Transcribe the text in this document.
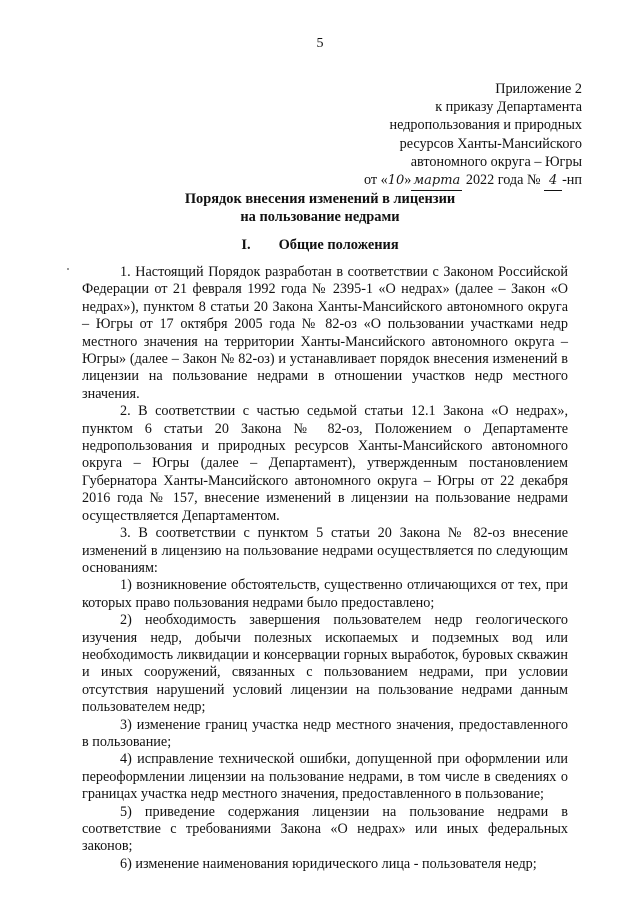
5
Приложение 2
к приказу Департамента
недропользования и природных
ресурсов Ханты-Мансийского
автономного округа – Югры
от «10» марта 2022 года № 4 -нп
Порядок внесения изменений в лицензии
на пользование недрами
I. Общие положения

1. Настоящий Порядок разработан в соответствии с Законом Российской Федерации от 21 февраля 1992 года № 2395-1 «О недрах» (далее – Закон «О недрах»), пунктом 8 статьи 20 Закона Ханты-Мансийского автономного округа – Югры от 17 октября 2005 года № 82-оз «О пользовании участками недр местного значения на территории Ханты-Мансийского автономного округа – Югры» (далее – Закон № 82-оз) и устанавливает порядок внесения изменений в лицензии на пользование недрами в отношении участков недр местного значения.

2. В соответствии с частью седьмой статьи 12.1 Закона «О недрах», пунктом 6 статьи 20 Закона № 82-оз, Положением о Департаменте недропользования и природных ресурсов Ханты-Мансийского автономного округа – Югры (далее – Департамент), утвержденным постановлением Губернатора Ханты-Мансийского автономного округа – Югры от 22 декабря 2016 года № 157, внесение изменений в лицензии на пользование недрами осуществляется Департаментом.

3. В соответствии с пунктом 5 статьи 20 Закона № 82-оз внесение изменений в лицензию на пользование недрами осуществляется по следующим основаниям:

1) возникновение обстоятельств, существенно отличающихся от тех, при которых право пользования недрами было предоставлено;

2) необходимость завершения пользователем недр геологического изучения недр, добычи полезных ископаемых и подземных вод или необходимость ликвидации и консервации горных выработок, буровых скважин и иных сооружений, связанных с пользованием недрами, при условии отсутствия нарушений условий лицензии на пользование недрами данным пользователем недр;

3) изменение границ участка недр местного значения, предоставленного в пользование;

4) исправление технической ошибки, допущенной при оформлении или переоформлении лицензии на пользование недрами, в том числе в сведениях о границах участка недр местного значения, предоставленного в пользование;

5) приведение содержания лицензии на пользование недрами в соответствие с требованиями Закона «О недрах» или иных федеральных законов;

6) изменение наименования юридического лица - пользователя недр;
